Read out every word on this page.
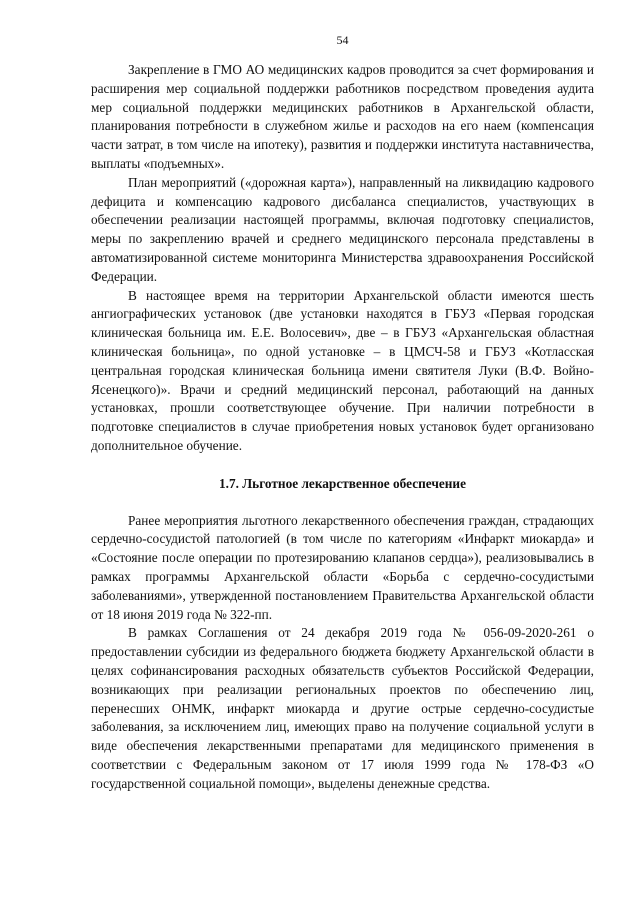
54

Закрепление в ГМО АО медицинских кадров проводится за счет формирования и расширения мер социальной поддержки работников посредством проведения аудита мер социальной поддержки медицинских работников в Архангельской области, планирования потребности в служебном жилье и расходов на его наем (компенсация части затрат, в том числе на ипотеку), развития и поддержки института наставничества, выплаты «подъемных».

План мероприятий («дорожная карта»), направленный на ликвидацию кадрового дефицита и компенсацию кадрового дисбаланса специалистов, участвующих в обеспечении реализации настоящей программы, включая подготовку специалистов, меры по закреплению врачей и среднего медицинского персонала представлены в автоматизированной системе мониторинга Министерства здравоохранения Российской Федерации.

В настоящее время на территории Архангельской области имеются шесть ангиографических установок (две установки находятся в ГБУЗ «Первая городская клиническая больница им. Е.Е. Волосевич», две – в ГБУЗ «Архангельская областная клиническая больница», по одной установке – в ЦМСЧ-58 и ГБУЗ «Котласская центральная городская клиническая больница имени святителя Луки (В.Ф. Войно-Ясенецкого)». Врачи и средний медицинский персонал, работающий на данных установках, прошли соответствующее обучение. При наличии потребности в подготовке специалистов в случае приобретения новых установок будет организовано дополнительное обучение.

1.7. Льготное лекарственное обеспечение

Ранее мероприятия льготного лекарственного обеспечения граждан, страдающих сердечно-сосудистой патологией (в том числе по категориям «Инфаркт миокарда» и «Состояние после операции по протезированию клапанов сердца»), реализовывались в рамках программы Архангельской области «Борьба с сердечно-сосудистыми заболеваниями», утвержденной постановлением Правительства Архангельской области от 18 июня 2019 года № 322-пп.

В рамках Соглашения от 24 декабря 2019 года № 056-09-2020-261 о предоставлении субсидии из федерального бюджета бюджету Архангельской области в целях софинансирования расходных обязательств субъектов Российской Федерации, возникающих при реализации региональных проектов по обеспечению лиц, перенесших ОНМК, инфаркт миокарда и другие острые сердечно-сосудистые заболевания, за исключением лиц, имеющих право на получение социальной услуги в виде обеспечения лекарственными препаратами для медицинского применения в соответствии с Федеральным законом от 17 июля 1999 года № 178-ФЗ «О государственной социальной помощи», выделены денежные средства.
